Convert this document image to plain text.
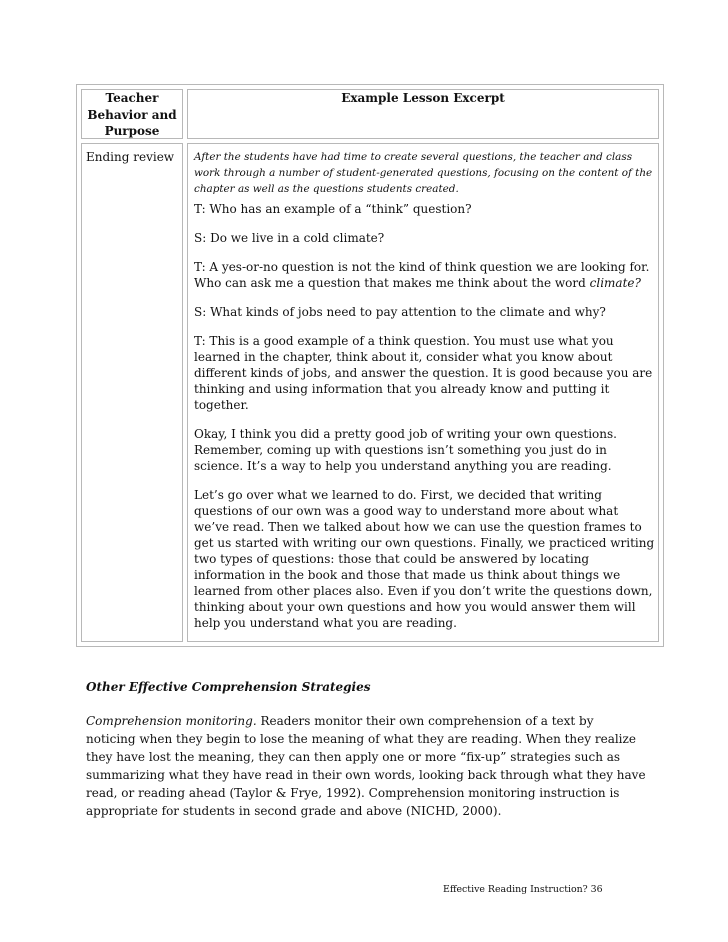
Teacher Behavior and Purpose
Example Lesson Excerpt
Ending review After the students have had time to create several questions, the teacher and class work through a number of student-generated questions, focusing on the content of the chapter as well as the questions students created.

T: Who has an example of a “think” question?

S: Do we live in a cold climate?

T: A yes-or-no question is not the kind of think question we are looking for. Who can ask me a question that makes me think about the word climate?

S: What kinds of jobs need to pay attention to the climate and why?

T: This is a good example of a think question. You must use what you learned in the chapter, think about it, consider what you know about different kinds of jobs, and answer the question. It is good because you are thinking and using information that you already know and putting it together.

Okay, I think you did a pretty good job of writing your own questions. Remember, coming up with questions isn’t something you just do in science. It’s a way to help you understand anything you are reading.

Let’s go over what we learned to do. First, we decided that writing questions of our own was a good way to understand more about what we’ve read. Then we talked about how we can use the question frames to get us started with writing our own questions. Finally, we practiced writing two types of questions: those that could be answered by locating information in the book and those that made us think about things we learned from other places also. Even if you don’t write the questions down, thinking about your own questions and how you would answer them will help you understand what you are reading.

Other Effective Comprehension Strategies

Comprehension monitoring. Readers monitor their own comprehension of a text by noticing when they begin to lose the meaning of what they are reading. When they realize they have lost the meaning, they can then apply one or more “fix-up” strategies such as summarizing what they have read in their own words, looking back through what they have read, or reading ahead (Taylor & Frye, 1992). Comprehension monitoring instruction is appropriate for students in second grade and above (NICHD, 2000).

Effective Reading Instruction? 36
